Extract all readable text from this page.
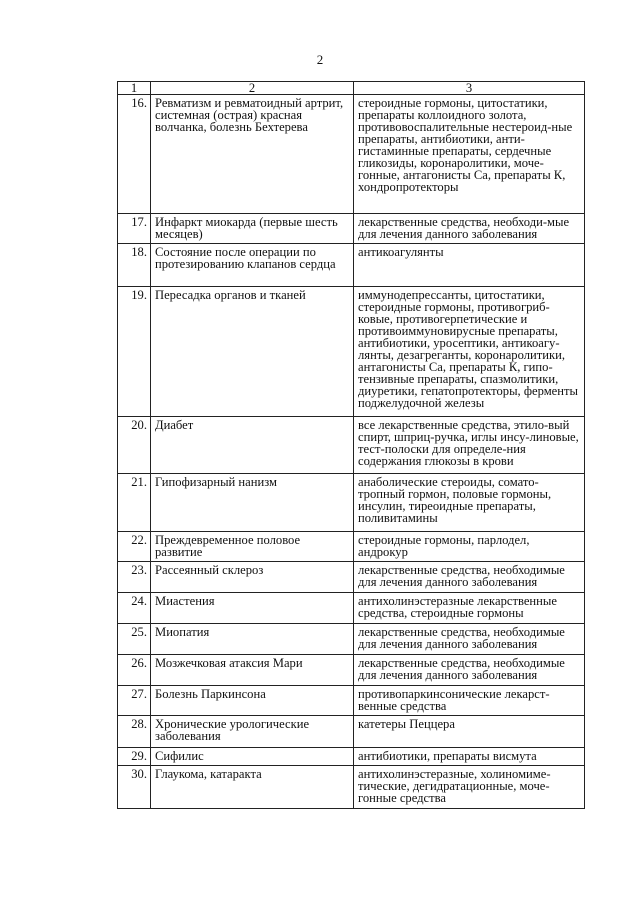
2
1	2	3
16.	Ревматизм и ревматоидный артрит, системная (острая) красная волчанка, болезнь Бехтерева	стероидные гормоны, цитостатики, препараты коллоидного золота, противовоспалительные нестероид-ные препараты, антибиотики, анти-гистаминные препараты, сердечные гликозиды, коронаролитики, моче-гонные, антагонисты Са, препараты К, хондропротекторы
17.	Инфаркт миокарда (первые шесть месяцев)	лекарственные средства, необходи-мые для лечения данного заболевания
18.	Состояние после операции по протезированию клапанов сердца	антикоагулянты
19.	Пересадка органов и тканей	иммунодепрессанты, цитостатики, стероидные гормоны, противогриб-ковые, противогерпетические и противоиммуновирусные препараты, антибиотики, уросептики, антикоагу-лянты, дезагреганты, коронаролитики, антагонисты Са, препараты К, гипо-тензивные препараты, спазмолитики, диуретики, гепатопротекторы, ферменты поджелудочной железы
20.	Диабет	все лекарственные средства, этило-вый спирт, шприц-ручка, иглы инсу-линовые, тест-полоски для определе-ния содержания глюкозы в крови
21.	Гипофизарный нанизм	анаболические стероиды, сомато-тропный гормон, половые гормоны, инсулин, тиреоидные препараты, поливитамины
22.	Преждевременное половое развитие	стероидные гормоны, парлодел, андрокур
23.	Рассеянный склероз	лекарственные средства, необходимые для лечения данного заболевания
24.	Миастения	антихолинэстеразные лекарственные средства, стероидные гормоны
25.	Миопатия	лекарственные средства, необходимые для лечения данного заболевания
26.	Мозжечковая атаксия Мари	лекарственные средства, необходимые для лечения данного заболевания
27.	Болезнь Паркинсона	противопаркинсонические лекарст-венные средства
28.	Хронические урологические заболевания	катетеры Пеццера
29.	Сифилис	антибиотики, препараты висмута
30.	Глаукома, катаракта	антихолинэстеразные, холиномиме-тические, дегидратационные, моче-гонные средства
